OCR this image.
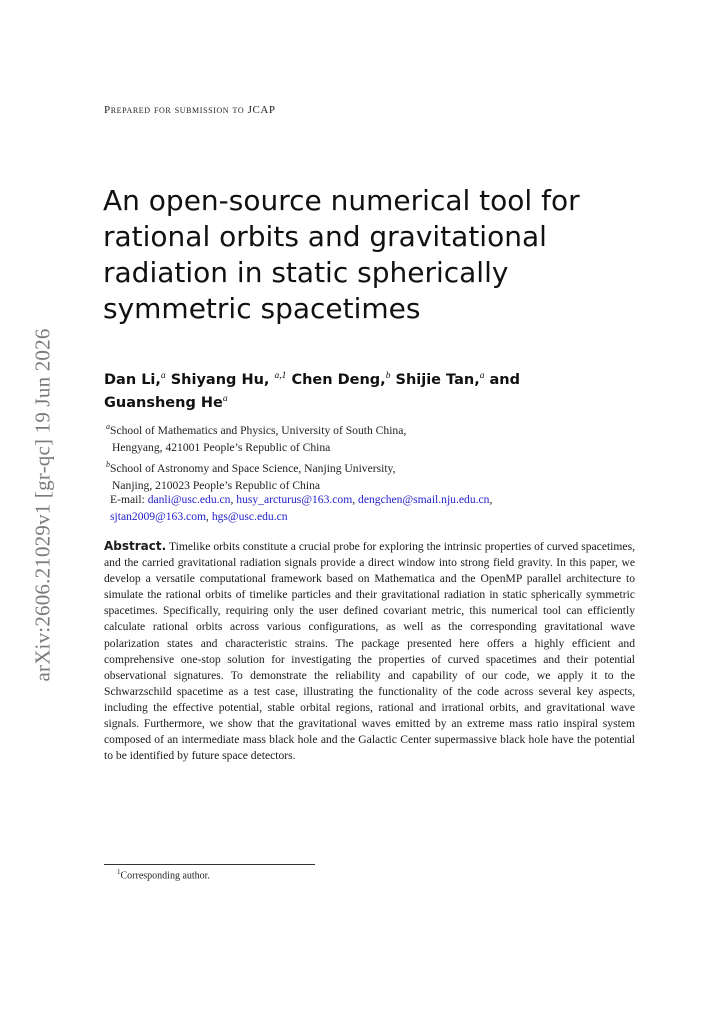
arXiv:2606.21029v1 [gr-qc] 19 Jun 2026
Prepared for submission to JCAP
An open-source numerical tool for rational orbits and gravitational radiation in static spherically symmetric spacetimes
Dan Li,$^a$ Shiyang Hu, $^{a,1}$ Chen Deng,$^b$ Shijie Tan,$^a$ and Guansheng He$^a$
$^a$School of Mathematics and Physics, University of South China,
Hengyang, 421001 People’s Republic of China
$^b$School of Astronomy and Space Science, Nanjing University,
Nanjing, 210023 People’s Republic of China
E-mail: danli@usc.edu.cn, husy_arcturus@163.com, dengchen@smail.nju.edu.cn,
sjtan2009@163.com, hgs@usc.edu.cn
Abstract. Timelike orbits constitute a crucial probe for exploring the intrinsic properties of curved spacetimes, and the carried gravitational radiation signals provide a direct window into strong field gravity. In this paper, we develop a versatile computational framework based on Mathematica and the OpenMP parallel architecture to simulate the rational orbits of timelike particles and their gravitational radiation in static spherically symmetric spacetimes. Specifically, requiring only the user defined covariant metric, this numerical tool can efficiently calculate rational orbits across various configurations, as well as the corresponding gravitational wave polarization states and characteristic strains. The package presented here offers a highly efficient and comprehensive one-stop solution for investigating the properties of curved spacetimes and their potential observational signatures. To demonstrate the reliability and capability of our code, we apply it to the Schwarzschild spacetime as a test case, illustrating the functionality of the code across several key aspects, including the effective potential, stable orbital regions, rational and irrational orbits, and gravitational wave signals. Furthermore, we show that the gravitational waves emitted by an extreme mass ratio inspiral system composed of an intermediate mass black hole and the Galactic Center supermassive black hole have the potential to be identified by future space detectors.
$^1$Corresponding author.
